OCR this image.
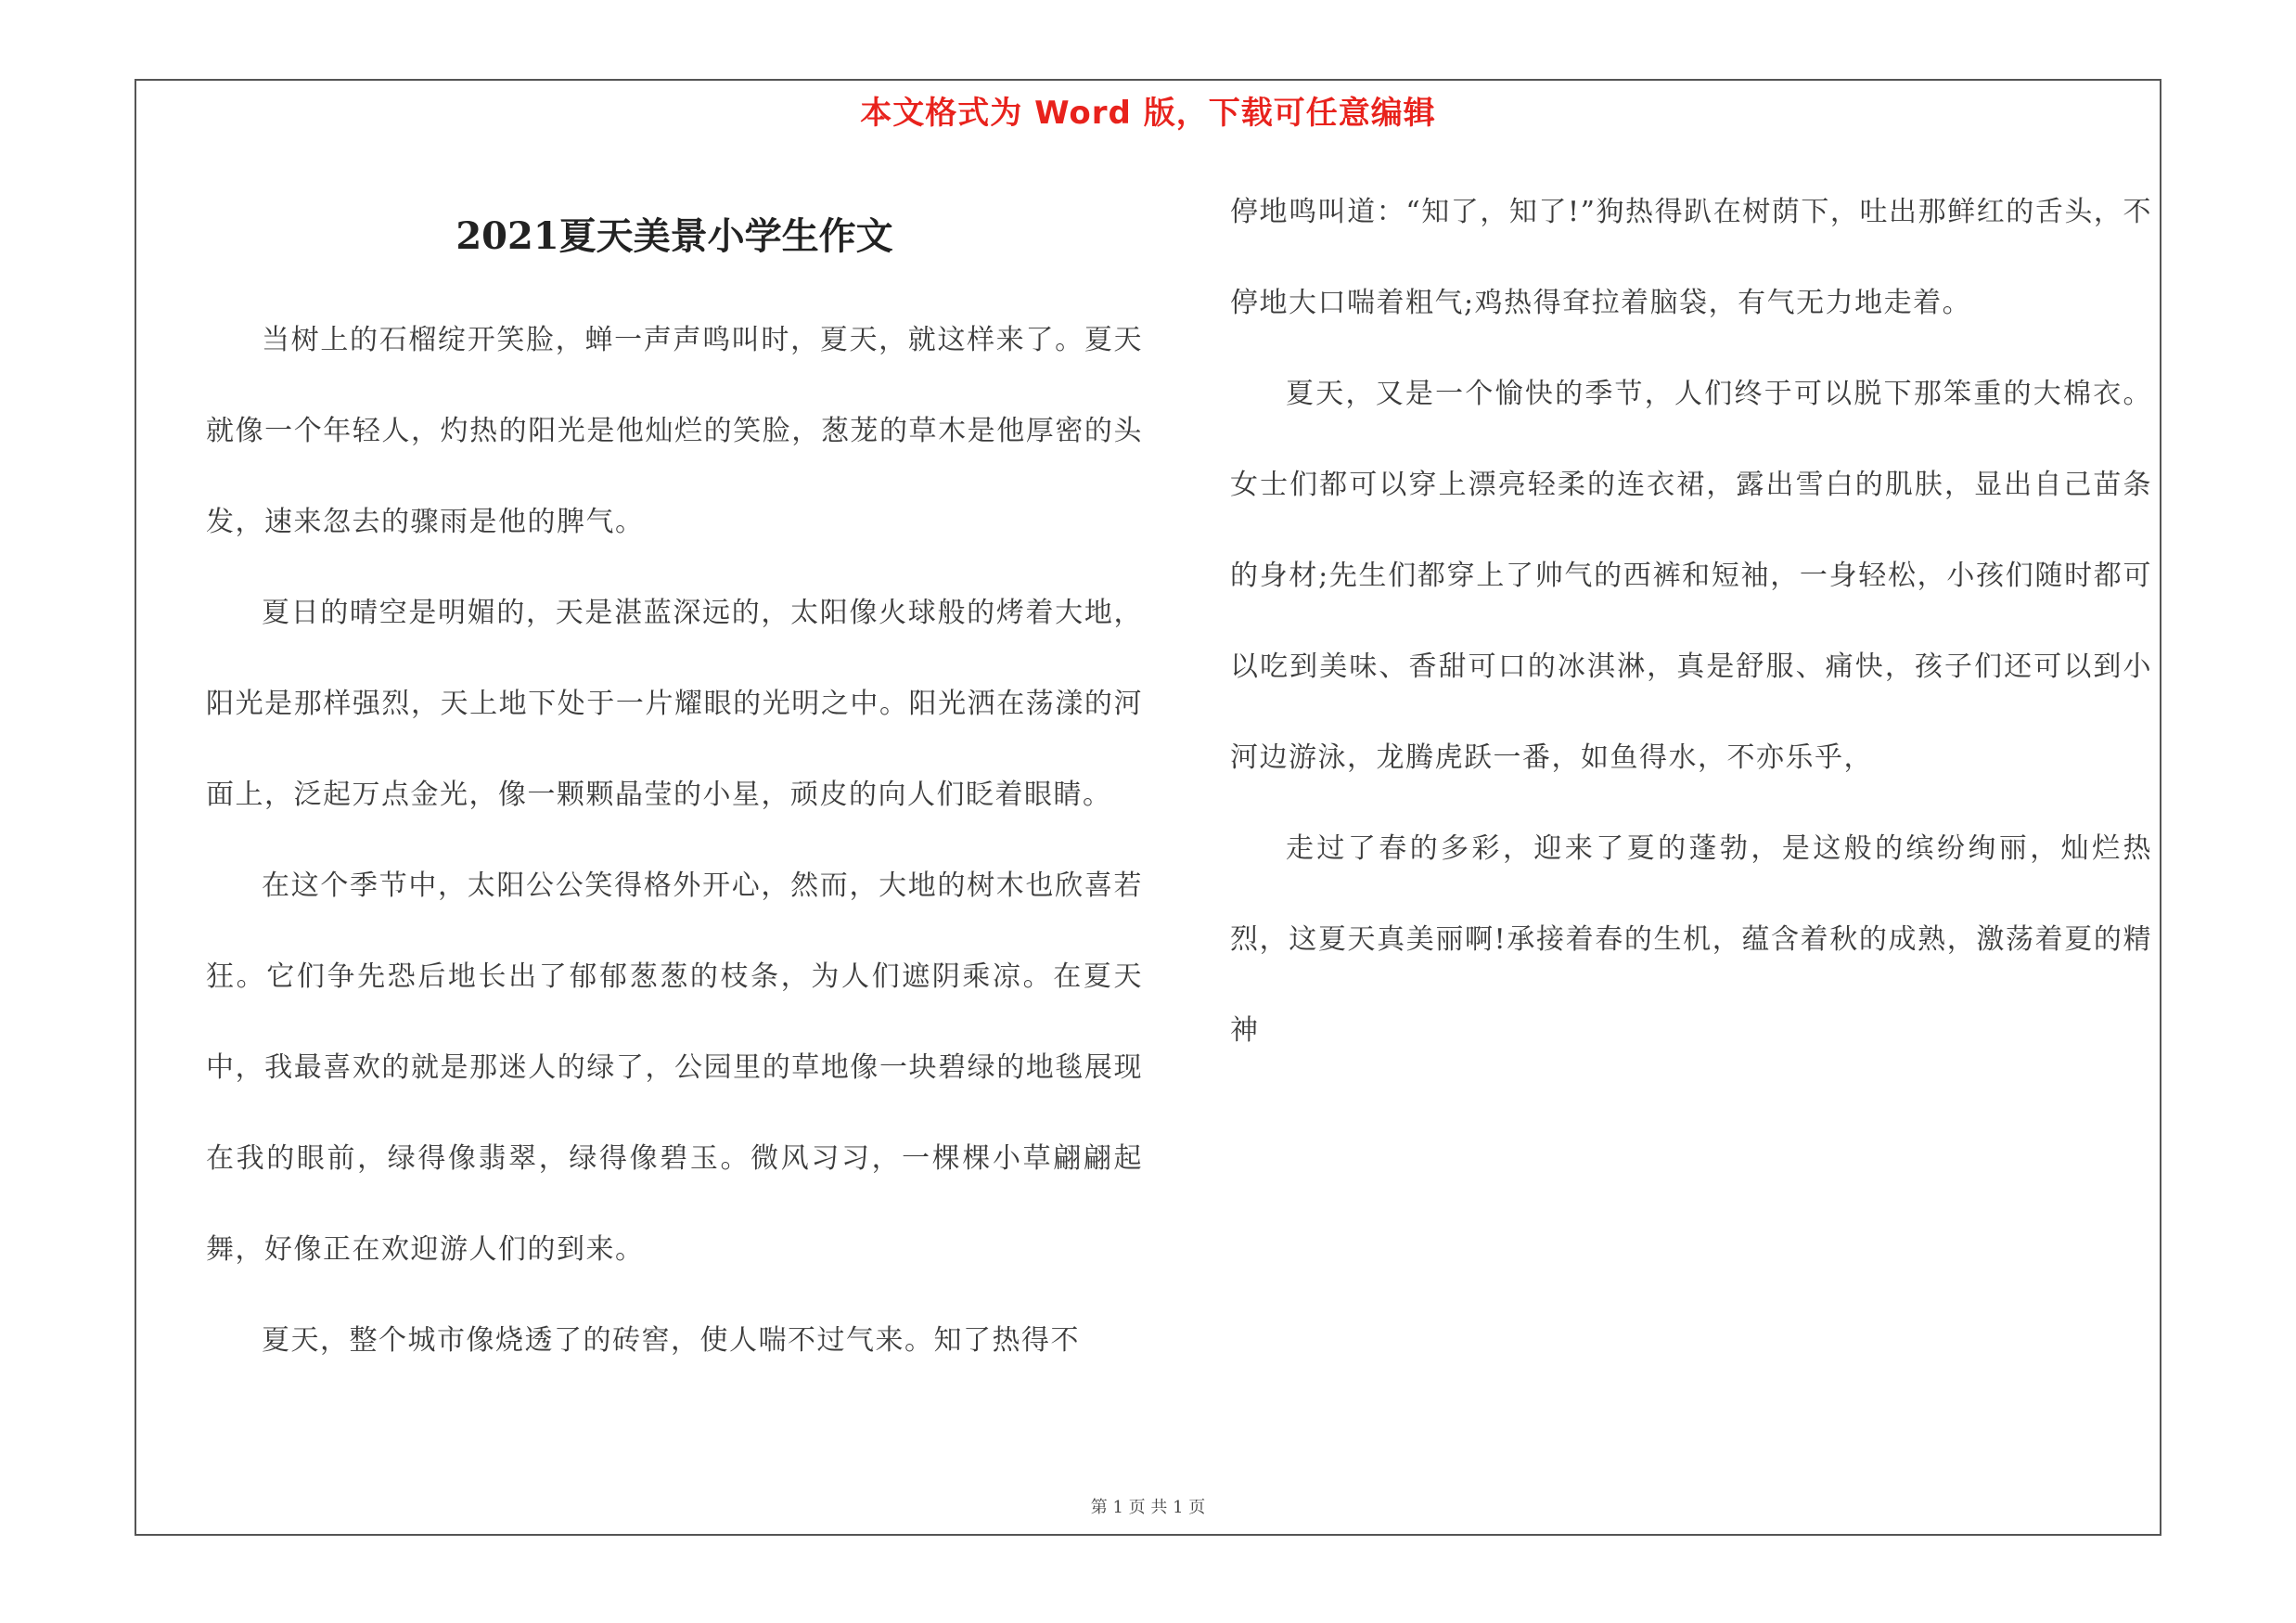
本文格式为 Word 版，下载可任意编辑
2021夏天美景小学生作文

当树上的石榴绽开笑脸，蝉一声声鸣叫时，夏天，就这样来了。夏天就像一个年轻人，灼热的阳光是他灿烂的笑脸，葱茏的草木是他厚密的头发，速来忽去的骤雨是他的脾气。

夏日的晴空是明媚的，天是湛蓝深远的，太阳像火球般的烤着大地，阳光是那样强烈，天上地下处于一片耀眼的光明之中。阳光洒在荡漾的河面上，泛起万点金光，像一颗颗晶莹的小星，顽皮的向人们眨着眼睛。

在这个季节中，太阳公公笑得格外开心，然而，大地的树木也欣喜若狂。它们争先恐后地长出了郁郁葱葱的枝条，为人们遮阴乘凉。在夏天中，我最喜欢的就是那迷人的绿了，公园里的草地像一块碧绿的地毯展现在我的眼前，绿得像翡翠，绿得像碧玉。微风习习，一棵棵小草翩翩起舞，好像正在欢迎游人们的到来。

夏天，整个城市像烧透了的砖窖，使人喘不过气来。知了热得不

停地鸣叫道：“知了，知了!”狗热得趴在树荫下，吐出那鲜红的舌头，不停地大口喘着粗气;鸡热得耷拉着脑袋，有气无力地走着。

夏天，又是一个愉快的季节，人们终于可以脱下那笨重的大棉衣。女士们都可以穿上漂亮轻柔的连衣裙，露出雪白的肌肤，显出自己苗条的身材;先生们都穿上了帅气的西裤和短袖，一身轻松，小孩们随时都可以吃到美味、香甜可口的冰淇淋，真是舒服、痛快，孩子们还可以到小河边游泳，龙腾虎跃一番，如鱼得水，不亦乐乎，

走过了春的多彩，迎来了夏的蓬勃，是这般的缤纷绚丽，灿烂热烈，这夏天真美丽啊!承接着春的生机，蕴含着秋的成熟，激荡着夏的精神

第 1 页 共 1 页
